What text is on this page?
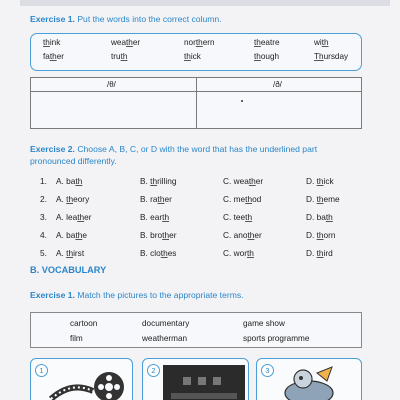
Exercise 1. Put the words into the correct column.
think	weather	northern	theatre	with
father	truth	thick	though	Thursday
/θ/	/ð/
Exercise 2. Choose A, B, C, or D with the word that has the underlined part
pronounced differently.
1. A. bath	B. thrilling	C. weather	D. thick
2. A. theory	B. rather	C. method	D. theme
3. A. leather	B. earth	C. teeth	D. bath
4. A. bathe	B. brother	C. another	D. thorn
5. A. thirst	B. clothes	C. worth	D. third
B. VOCABULARY
Exercise 1. Match the pictures to the appropriate terms.
cartoon	documentary	game show
film	weatherman	sports programme
1	2	3
